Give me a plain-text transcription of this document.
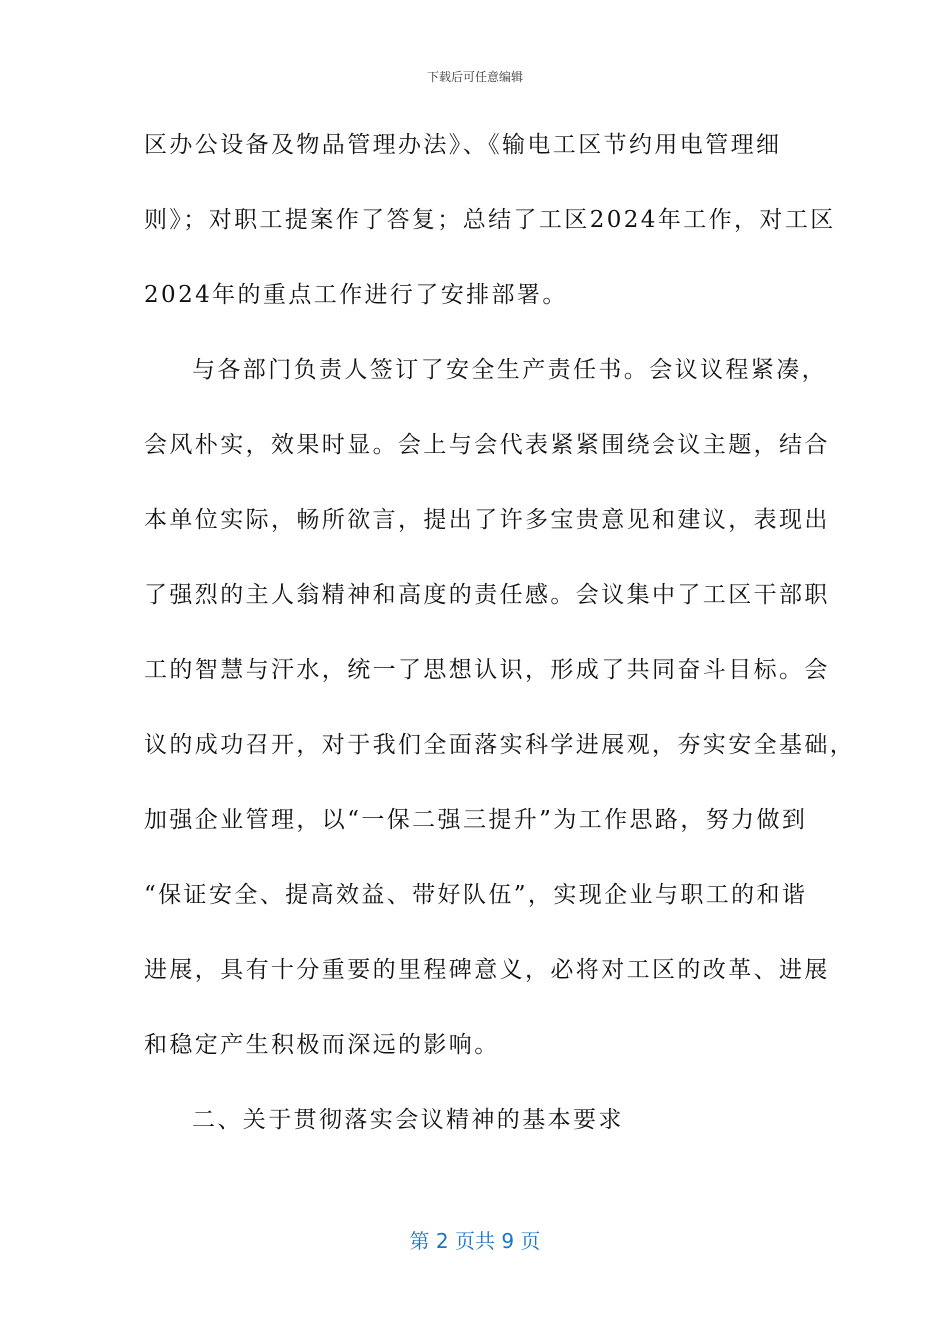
下载后可任意编辑
区办公设备及物品管理办法》、《输电工区节约用电管理细
则》；对职工提案作了答复；总结了工区2024年工作，对工区
2024年的重点工作进行了安排部署。
与各部门负责人签订了安全生产责任书。会议议程紧凑，
会风朴实，效果时显。会上与会代表紧紧围绕会议主题，结合
本单位实际，畅所欲言，提出了许多宝贵意见和建议，表现出
了强烈的主人翁精神和高度的责任感。会议集中了工区干部职
工的智慧与汗水，统一了思想认识，形成了共同奋斗目标。会
议的成功召开，对于我们全面落实科学进展观，夯实安全基础，
加强企业管理，以“一保二强三提升”为工作思路，努力做到
“保证安全、提高效益、带好队伍”，实现企业与职工的和谐
进展，具有十分重要的里程碑意义，必将对工区的改革、进展
和稳定产生积极而深远的影响。
二、关于贯彻落实会议精神的基本要求
第 2 页共 9 页
